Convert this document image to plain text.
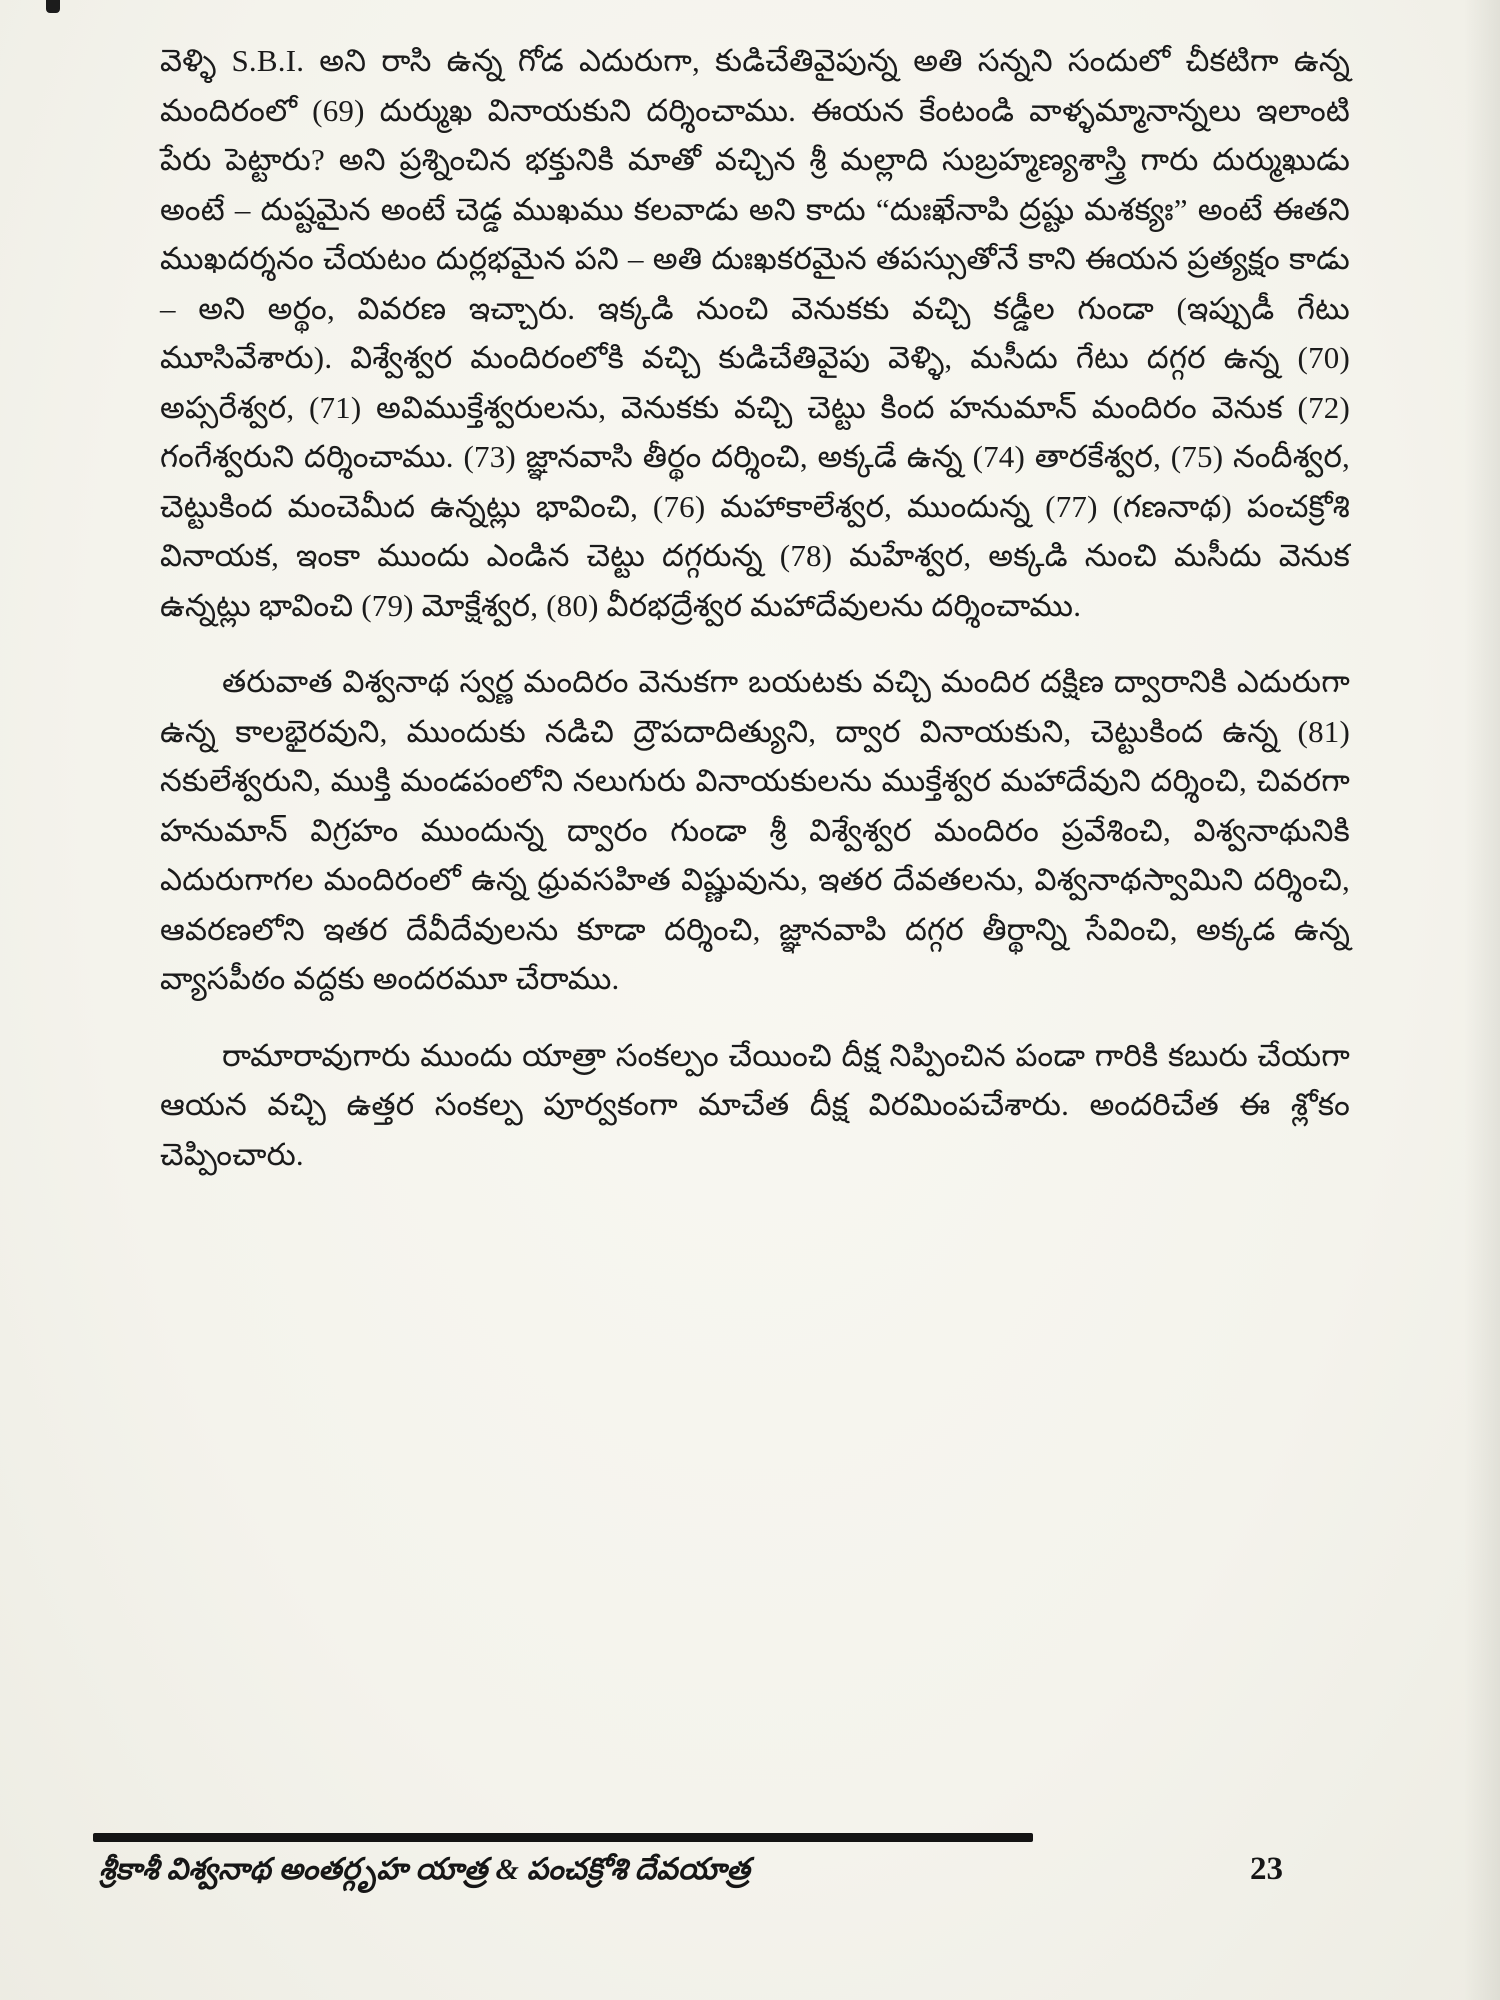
వెళ్ళి S.B.I. అని రాసి ఉన్న గోడ ఎదురుగా, కుడిచేతివైపున్న అతి సన్నని సందులో చీకటిగా ఉన్న మందిరంలో (69) దుర్ముఖ వినాయకుని దర్శించాము. ఈయన కేంటండి వాళ్ళమ్మానాన్నలు ఇలాంటి పేరు పెట్టారు? అని ప్రశ్నించిన భక్తునికి మాతో వచ్చిన శ్రీ మల్లాది సుబ్రహ్మణ్యశాస్త్రి గారు దుర్ముఖుడు అంటే – దుష్టమైన అంటే చెడ్డ ముఖము కలవాడు అని కాదు “దుఃఖేనాపి ద్రష్టు మశక్యః” అంటే ఈతని ముఖదర్శనం చేయటం దుర్లభమైన పని – అతి దుఃఖకరమైన తపస్సుతోనే కాని ఈయన ప్రత్యక్షం కాడు – అని అర్థం, వివరణ ఇచ్చారు. ఇక్కడి నుంచి వెనుకకు వచ్చి కడ్డీల గుండా (ఇప్పుడీ గేటు మూసివేశారు). విశ్వేశ్వర మందిరంలోకి వచ్చి కుడిచేతివైపు వెళ్ళి, మసీదు గేటు దగ్గర ఉన్న (70) అప్సరేశ్వర, (71) అవిముక్తేశ్వరులను, వెనుకకు వచ్చి చెట్టు కింద హనుమాన్ మందిరం వెనుక (72) గంగేశ్వరుని దర్శించాము. (73) జ్ఞానవాసి తీర్థం దర్శించి, అక్కడే ఉన్న (74) తారకేశ్వర, (75) నందీశ్వర, చెట్టుకింద మంచెమీద ఉన్నట్లు భావించి, (76) మహాకాలేశ్వర, ముందున్న (77) (గణనాథ) పంచక్రోశి వినాయక, ఇంకా ముందు ఎండిన చెట్టు దగ్గరున్న (78) మహేశ్వర, అక్కడి నుంచి మసీదు వెనుక ఉన్నట్లు భావించి (79) మోక్షేశ్వర, (80) వీరభద్రేశ్వర మహాదేవులను దర్శించాము.

తరువాత విశ్వనాథ స్వర్ణ మందిరం వెనుకగా బయటకు వచ్చి మందిర దక్షిణ ద్వారానికి ఎదురుగా ఉన్న కాలభైరవుని, ముందుకు నడిచి ద్రౌపదాదిత్యుని, ద్వార వినాయకుని, చెట్టుకింద ఉన్న (81) నకులేశ్వరుని, ముక్తి మండపంలోని నలుగురు వినాయకులను ముక్తేశ్వర మహాదేవుని దర్శించి, చివరగా హనుమాన్ విగ్రహం ముందున్న ద్వారం గుండా శ్రీ విశ్వేశ్వర మందిరం ప్రవేశించి, విశ్వనాథునికి ఎదురుగాగల మందిరంలో ఉన్న ధ్రువసహిత విష్ణువును, ఇతర దేవతలను, విశ్వనాథస్వామిని దర్శించి, ఆవరణలోని ఇతర దేవీదేవులను కూడా దర్శించి, జ్ఞానవాపి దగ్గర తీర్థాన్ని సేవించి, అక్కడ ఉన్న వ్యాసపీఠం వద్దకు అందరమూ చేరాము.

రామారావుగారు ముందు యాత్రా సంకల్పం చేయించి దీక్ష నిప్పించిన పండా గారికి కబురు చేయగా ఆయన వచ్చి ఉత్తర సంకల్ప పూర్వకంగా మాచేత దీక్ష విరమింపచేశారు. అందరిచేత ఈ శ్లోకం చెప్పించారు.

శ్రీకాశీ విశ్వనాథ అంతర్గృహ యాత్ర & పంచక్రోశి దేవయాత్ర	23
